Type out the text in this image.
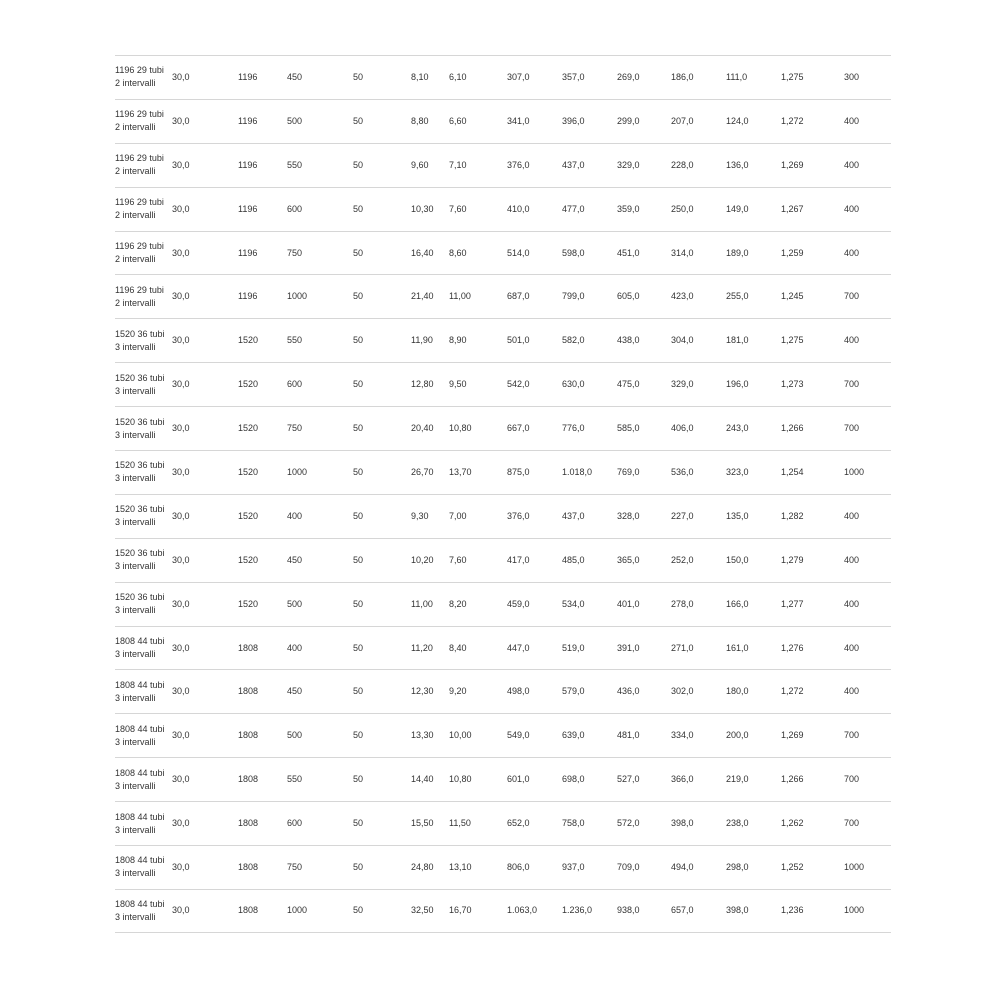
1196 29 tubi
2 intervalli
30,0	1196	450	50	8,10 6,10	307,0	357,0	269,0	186,0	111,0	1,275	300
1196 29 tubi
2 intervalli
30,0	1196	500	50	8,80 6,60	341,0	396,0	299,0	207,0	124,0	1,272	400
1196 29 tubi
2 intervalli
30,0	1196	550	50	9,60 7,10	376,0	437,0	329,0	228,0	136,0	1,269	400
1196 29 tubi
2 intervalli
30,0	1196	600	50	10,30 7,60	410,0	477,0	359,0	250,0	149,0	1,267	400
1196 29 tubi
2 intervalli
30,0	1196	750	50	16,40 8,60	514,0	598,0	451,0	314,0	189,0	1,259	400
1196 29 tubi
2 intervalli
30,0	1196	1000	50	21,40 11,00	687,0	799,0	605,0	423,0	255,0	1,245	700
1520 36 tubi
3 intervalli
30,0	1520	550	50	11,90 8,90	501,0	582,0	438,0	304,0	181,0	1,275	400
1520 36 tubi
3 intervalli
30,0	1520	600	50	12,80 9,50	542,0	630,0	475,0	329,0	196,0	1,273	700
1520 36 tubi
3 intervalli
30,0	1520	750	50	20,40 10,80	667,0	776,0	585,0	406,0	243,0	1,266	700
1520 36 tubi
3 intervalli
30,0	1520	1000	50	26,70 13,70	875,0	1.018,0	769,0	536,0	323,0	1,254	1000
1520 36 tubi
3 intervalli
30,0	1520	400	50	9,30 7,00	376,0	437,0	328,0	227,0	135,0	1,282	400
1520 36 tubi
3 intervalli
30,0	1520	450	50	10,20 7,60	417,0	485,0	365,0	252,0	150,0	1,279	400
1520 36 tubi
3 intervalli
30,0	1520	500	50	11,00 8,20	459,0	534,0	401,0	278,0	166,0	1,277	400
1808 44 tubi
3 intervalli
30,0	1808	400	50	11,20 8,40	447,0	519,0	391,0	271,0	161,0	1,276	400
1808 44 tubi
3 intervalli
30,0	1808	450	50	12,30 9,20	498,0	579,0	436,0	302,0	180,0	1,272	400
1808 44 tubi
3 intervalli
30,0	1808	500	50	13,30 10,00	549,0	639,0	481,0	334,0	200,0	1,269	700
1808 44 tubi
3 intervalli
30,0	1808	550	50	14,40 10,80	601,0	698,0	527,0	366,0	219,0	1,266	700
1808 44 tubi
3 intervalli
30,0	1808	600	50	15,50 11,50	652,0	758,0	572,0	398,0	238,0	1,262	700
1808 44 tubi
3 intervalli
30,0	1808	750	50	24,80 13,10	806,0	937,0	709,0	494,0	298,0	1,252	1000
1808 44 tubi
3 intervalli
30,0	1808	1000	50	32,50 16,70	1.063,0	1.236,0	938,0	657,0	398,0	1,236	1000
